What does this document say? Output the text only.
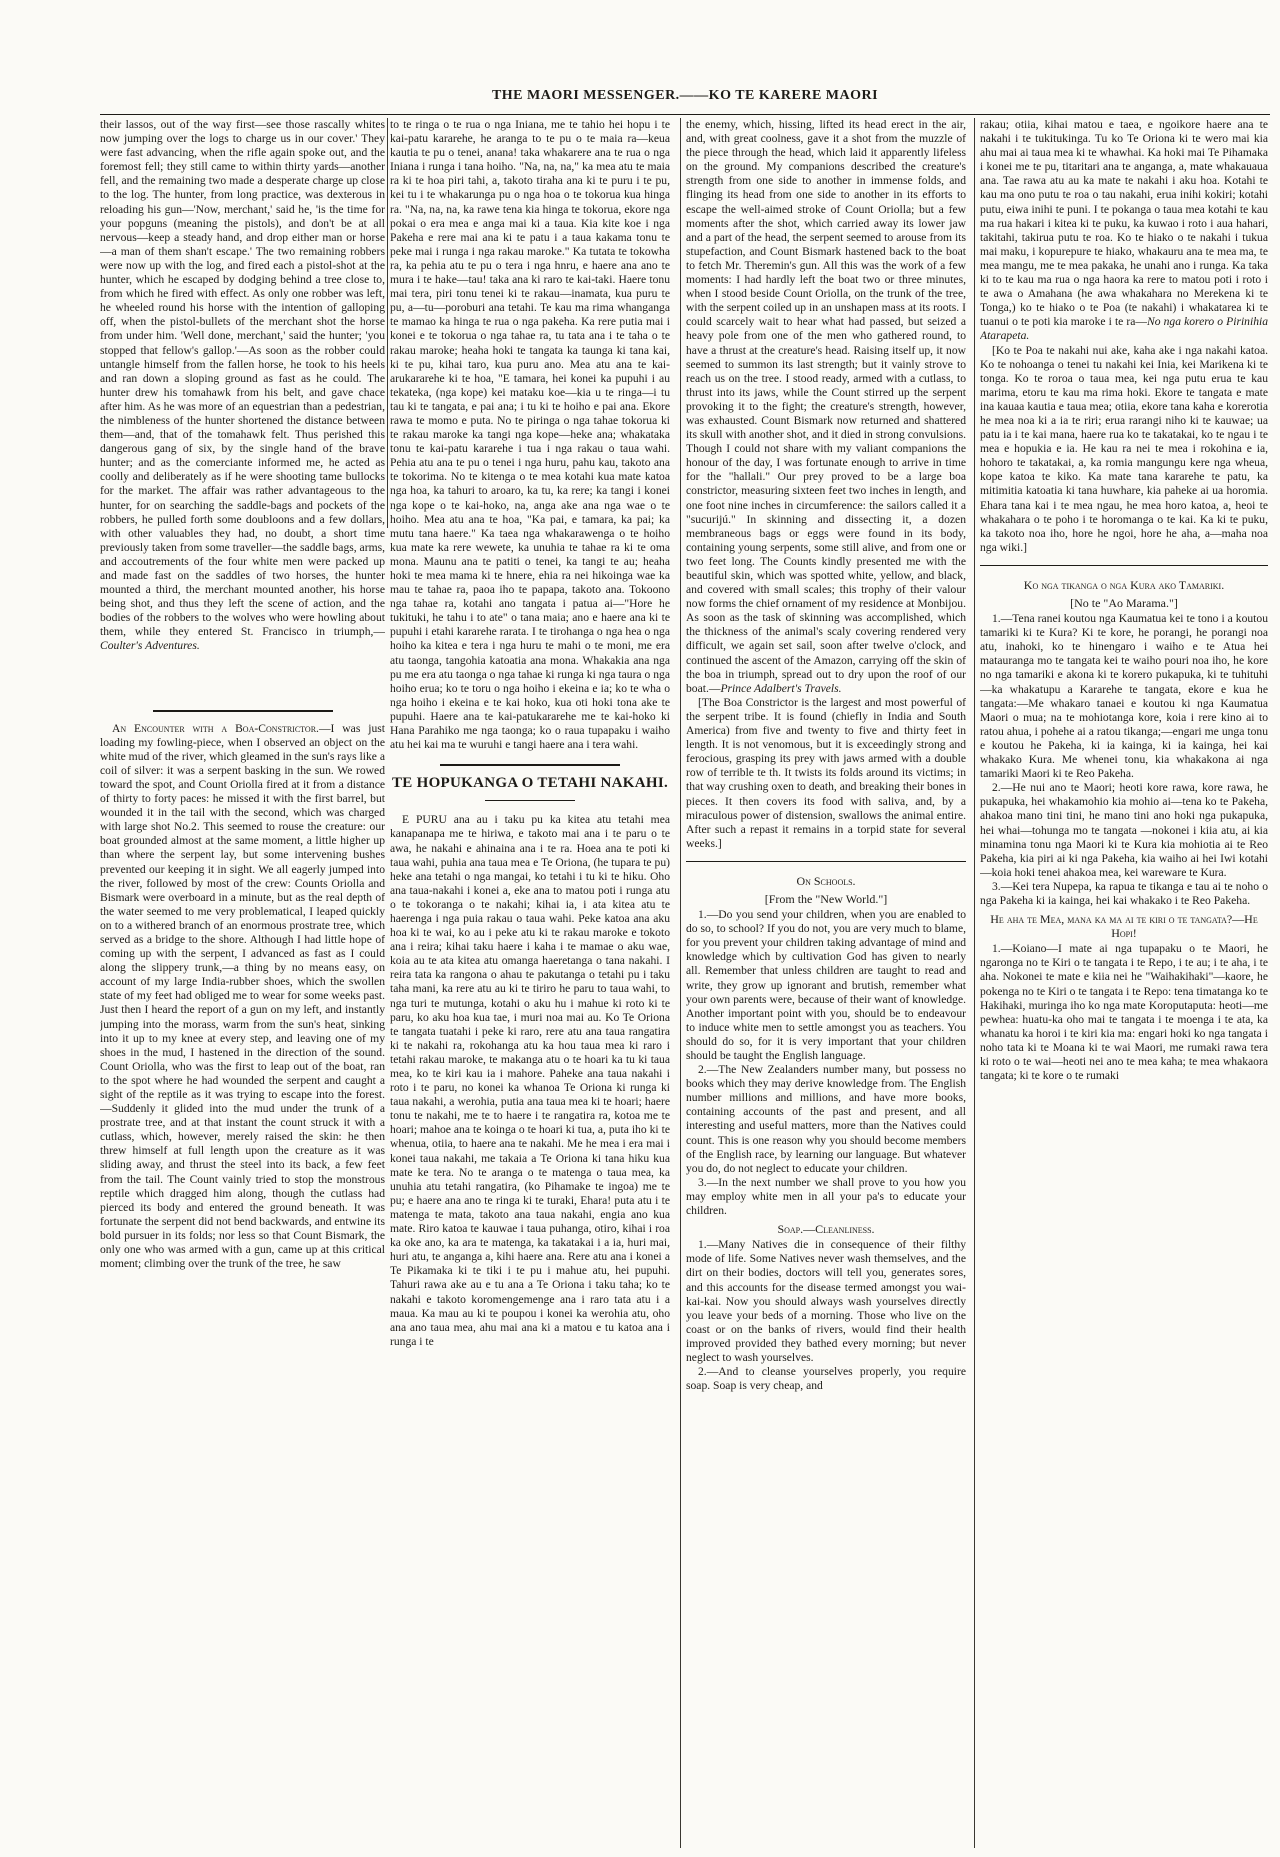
THE MAORI MESSENGER.——KO TE KARERE MAORI

their lassos, out of the way first—see those rascally whites now jumping over the logs to charge us in our cover.' They were fast advancing, when the rifle again spoke out, and the foremost fell; they still came to within thirty yards—another fell, and the remaining two made a desperate charge up close to the log. The hunter, from long practice, was dexterous in reloading his gun—'Now, merchant,' said he, 'is the time for your popguns (meaning the pistols), and don't be at all nervous—keep a steady hand, and drop either man or horse—a man of them shan't escape.' The two remaining robbers were now up with the log, and fired each a pistol-shot at the hunter, which he escaped by dodging behind a tree close to, from which he fired with effect. As only one robber was left, he wheeled round his horse with the intention of galloping off, when the pistol-bullets of the merchant shot the horse from under him. 'Well done, merchant,' said the hunter; 'you stopped that fellow's gallop.'—As soon as the robber could untangle himself from the fallen horse, he took to his heels and ran down a sloping ground as fast as he could. The hunter drew his tomahawk from his belt, and gave chace after him. As he was more of an equestrian than a pedestrian, the nimbleness of the hunter shortened the distance between them—and, that of the tomahawk felt. Thus perished this dangerous gang of six, by the single hand of the brave hunter; and as the comerciante informed me, he acted as coolly and deliberately as if he were shooting tame bullocks for the market. The affair was rather advantageous to the hunter, for on searching the saddle-bags and pockets of the robbers, he pulled forth some doubloons and a few dollars, with other valuables they had, no doubt, a short time previously taken from some traveller—the saddle bags, arms, and accoutrements of the four white men were packed up and made fast on the saddles of two horses, the hunter mounted a third, the merchant mounted another, his horse being shot, and thus they left the scene of action, and the bodies of the robbers to the wolves who were howling about them, while they entered St. Francisco in triumph,—Coulter's Adventures.

An Encounter with a Boa-Constrictor.—I was just loading my fowling-piece, when I observed an object on the white mud of the river, which gleamed in the sun's rays like a coil of silver: it was a serpent basking in the sun. We rowed toward the spot, and Count Oriolla fired at it from a distance of thirty to forty paces: he missed it with the first barrel, but wounded it in the tail with the second, which was charged with large shot No.2. This seemed to rouse the creature: our boat grounded almost at the same moment, a little higher up than where the serpent lay, but some intervening bushes prevented our keeping it in sight. We all eagerly jumped into the river, followed by most of the crew: Counts Oriolla and Bismark were overboard in a minute, but as the real depth of the water seemed to me very problematical, I leaped quickly on to a withered branch of an enormous prostrate tree, which served as a bridge to the shore. Although I had little hope of coming up with the serpent, I advanced as fast as I could along the slippery trunk,—a thing by no means easy, on account of my large India-rubber shoes, which the swollen state of my feet had obliged me to wear for some weeks past. Just then I heard the report of a gun on my left, and instantly jumping into the morass, warm from the sun's heat, sinking into it up to my knee at every step, and leaving one of my shoes in the mud, I hastened in the direction of the sound. Count Oriolla, who was the first to leap out of the boat, ran to the spot where he had wounded the serpent and caught a sight of the reptile as it was trying to escape into the forest.—Suddenly it glided into the mud under the trunk of a prostrate tree, and at that instant the count struck it with a cutlass, which, however, merely raised the skin: he then threw himself at full length upon the creature as it was sliding away, and thrust the steel into its back, a few feet from the tail. The Count vainly tried to stop the monstrous reptile which dragged him along, though the cutlass had pierced its body and entered the ground beneath. It was fortunate the serpent did not bend backwards, and entwine its bold pursuer in its folds; nor less so that Count Bismark, the only one who was armed with a gun, came up at this critical moment; climbing over the trunk of the tree, he saw

to te ringa o te rua o nga Iniana, me te tahio hei hopu i te kai-patu kararehe, he aranga to te pu o te maia ra—keua kautia te pu o tenei, anana! taka whakarere ana te rua o nga Iniana i runga i tana hoiho. "Na, na, na," ka mea atu te maia ra ki te hoa piri tahi, a, takoto tiraha ana ki te puru i te pu, kei tu i te whakarunga pu o nga hoa o te tokorua kua hinga ra. "Na, na, na, ka rawe tena kia hinga te tokorua, ekore nga pokai o era mea e anga mai ki a taua. Kia kite koe i nga Pakeha e rere mai ana ki te patu i a taua kakama tonu te peke mai i runga i nga rakau maroke." Ka tutata te tokowha ra, ka pehia atu te pu o tera i nga hnru, e haere ana ano te mura i te hake—tau! taka ana ki raro te kai-taki. Haere tonu mai tera, piri tonu tenei ki te rakau—inamata, kua puru te pu, a—tu—poroburi ana tetahi. Te kau ma rima whanganga te mamao ka hinga te rua o nga pakeha. Ka rere putia mai i konei e te tokorua o nga tahae ra, tu tata ana i te taha o te rakau maroke; heaha hoki te tangata ka taunga ki tana kai, ki te pu, kihai taro, kua puru ano. Mea atu ana te kai-arukararehe ki te hoa, "E tamara, hei konei ka pupuhi i au tekateka, (nga kope) kei mataku koe—kia u te ringa—i tu tau ki te tangata, e pai ana; i tu ki te hoiho e pai ana. Ekore rawa te momo e puta. No te piringa o nga tahae tokorua ki te rakau maroke ka tangi nga kope—heke ana; whakataka tonu te kai-patu kararehe i tua i nga rakau o taua wahi. Pehia atu ana te pu o tenei i nga huru, pahu kau, takoto ana te tokorima. No te kitenga o te mea kotahi kua mate katoa nga hoa, ka tahuri to aroaro, ka tu, ka rere; ka tangi i konei nga kope o te kai-hoko, na, anga ake ana nga wae o te hoiho. Mea atu ana te hoa, "Ka pai, e tamara, ka pai; ka mutu tana haere." Ka taea nga whakarawenga o te hoiho kua mate ka rere wewete, ka unuhia te tahae ra ki te oma mona. Maunu ana te patiti o tenei, ka tangi te au; heaha hoki te mea mama ki te hnere, ehia ra nei hikoinga wae ka mau te tahae ra, paoa iho te papapa, takoto ana. Tokoono nga tahae ra, kotahi ano tangata i patua ai—"Hore he tukituki, he tahu i to ate" o tana maia; ano e haere ana ki te pupuhi i etahi kararehe rarata. I te tirohanga o nga hea o nga hoiho ka kitea e tera i nga huru te mahi o te moni, me era atu taonga, tangohia katoatia ana mona. Whakakia ana nga pu me era atu taonga o nga tahae ki runga ki nga taura o nga hoiho erua; ko te toru o nga hoiho i ekeina e ia; ko te wha o nga hoiho i ekeina e te kai hoko, kua oti hoki tona ake te pupuhi. Haere ana te kai-patukararehe me te kai-hoko ki Hana Parahiko me nga taonga; ko o raua tupapaku i waiho atu hei kai ma te wuruhi e tangi haere ana i tera wahi.

TE HOPUKANGA O TETAHI NAKAHI.

E PURU ana au i taku pu ka kitea atu tetahi mea kanapanapa me te hiriwa, e takoto mai ana i te paru o te awa, he nakahi e ahinaina ana i te ra. Hoea ana te poti ki taua wahi, puhia ana taua mea e Te Oriona, (he tupara te pu) heke ana tetahi o nga mangai, ko tetahi i tu ki te hiku. Oho ana taua-nakahi i konei a, eke ana to matou poti i runga atu o te tokoranga o te nakahi; kihai ia, i ata kitea atu te haerenga i nga puia rakau o taua wahi. Peke katoa ana aku hoa ki te wai, ko au i peke atu ki te rakau maroke e tokoto ana i reira; kihai taku haere i kaha i te mamae o aku wae, koia au te ata kitea atu omanga haeretanga o tana nakahi. I reira tata ka rangona o ahau te pakutanga o tetahi pu i taku taha mani, ka rere atu au ki te tiriro he paru to taua wahi, to nga turi te mutunga, kotahi o aku hu i mahue ki roto ki te paru, ko aku hoa kua tae, i muri noa mai au. Ko Te Oriona te tangata tuatahi i peke ki raro, rere atu ana taua rangatira ki te nakahi ra, rokohanga atu ka hou taua mea ki raro i tetahi rakau maroke, te makanga atu o te hoari ka tu ki taua mea, ko te kiri kau ia i mahore. Paheke ana taua nakahi i roto i te paru, no konei ka whanoa Te Oriona ki runga ki taua nakahi, a werohia, putia ana taua mea ki te hoari; haere tonu te nakahi, me te to haere i te rangatira ra, kotoa me te hoari; mahoe ana te koinga o te hoari ki tua, a, puta iho ki te whenua, otiia, to haere ana te nakahi. Me he mea i era mai i konei taua nakahi, me takaia a Te Oriona ki tana hiku kua mate ke tera. No te aranga o te matenga o taua mea, ka unuhia atu tetahi rangatira, (ko Pihamake te ingoa) me te pu; e haere ana ano te ringa ki te turaki, Ehara! puta atu i te matenga te mata, takoto ana taua nakahi, engia ano kua mate. Riro katoa te kauwae i taua puhanga, otiro, kihai i roa ka oke ano, ka ara te matenga, ka takatakai i a ia, huri mai, huri atu, te anganga a, kihi haere ana. Rere atu ana i konei a Te Pikamaka ki te tiki i te pu i mahue atu, hei pupuhi. Tahuri rawa ake au e tu ana a Te Oriona i taku taha; ko te nakahi e takoto koromengemenge ana i raro tata atu i a maua. Ka mau au ki te poupou i konei ka werohia atu, oho ana ano taua mea, ahu mai ana ki a matou e tu katoa ana i runga i te

the enemy, which, hissing, lifted its head erect in the air, and, with great coolness, gave it a shot from the muzzle of the piece through the head, which laid it apparently lifeless on the ground. My companions described the creature's strength from one side to another in immense folds, and flinging its head from one side to another in its efforts to escape the well-aimed stroke of Count Oriolla; but a few moments after the shot, which carried away its lower jaw and a part of the head, the serpent seemed to arouse from its stupefaction, and Count Bismark hastened back to the boat to fetch Mr. Theremin's gun. All this was the work of a few moments: I had hardly left the boat two or three minutes, when I stood beside Count Oriolla, on the trunk of the tree, with the serpent coiled up in an unshapen mass at its roots. I could scarcely wait to hear what had passed, but seized a heavy pole from one of the men who gathered round, to have a thrust at the creature's head. Raising itself up, it now seemed to summon its last strength; but it vainly strove to reach us on the tree. I stood ready, armed with a cutlass, to thrust into its jaws, while the Count stirred up the serpent provoking it to the fight; the creature's strength, however, was exhausted. Count Bismark now returned and shattered its skull with another shot, and it died in strong convulsions. Though I could not share with my valiant companions the honour of the day, I was fortunate enough to arrive in time for the "hallali." Our prey proved to be a large boa constrictor, measuring sixteen feet two inches in length, and one foot nine inches in circumference: the sailors called it a "sucurijú." In skinning and dissecting it, a dozen membraneous bags or eggs were found in its body, containing young serpents, some still alive, and from one or two feet long. The Counts kindly presented me with the beautiful skin, which was spotted white, yellow, and black, and covered with small scales; this trophy of their valour now forms the chief ornament of my residence at Monbijou. As soon as the task of skinning was accomplished, which the thickness of the animal's scaly covering rendered very difficult, we again set sail, soon after twelve o'clock, and continued the ascent of the Amazon, carrying off the skin of the boa in triumph, spread out to dry upon the roof of our boat.—Prince Adalbert's Travels.

[The Boa Constrictor is the largest and most powerful of the serpent tribe. It is found (chiefly in India and South America) from five and twenty to five and thirty feet in length. It is not venomous, but it is exceedingly strong and ferocious, grasping its prey with jaws armed with a double row of terrible te th. It twists its folds around its victims; in that way crushing oxen to death, and breaking their bones in pieces. It then covers its food with saliva, and, by a miraculous power of distension, swallows the animal entire. After such a repast it remains in a torpid state for several weeks.]

On Schools.
[From the "New World."]

1.—Do you send your children, when you are enabled to do so, to school? If you do not, you are very much to blame, for you prevent your children taking advantage of mind and knowledge which by cultivation God has given to nearly all. Remember that unless children are taught to read and write, they grow up ignorant and brutish, remember what your own parents were, because of their want of knowledge. Another important point with you, should be to endeavour to induce white men to settle amongst you as teachers. You should do so, for it is very important that your children should be taught the English language.

2.—The New Zealanders number many, but possess no books which they may derive knowledge from. The English number millions and millions, and have more books, containing accounts of the past and present, and all interesting and useful matters, more than the Natives could count. This is one reason why you should become members of the English race, by learning our language. But whatever you do, do not neglect to educate your children.

3.—In the next number we shall prove to you how you may employ white men in all your pa's to educate your children.

Soap.—Cleanliness.

1.—Many Natives die in consequence of their filthy mode of life. Some Natives never wash themselves, and the dirt on their bodies, doctors will tell you, generates sores, and this accounts for the disease termed amongst you wai-kai-kai. Now you should always wash yourselves directly you leave your beds of a morning. Those who live on the coast or on the banks of rivers, would find their health improved provided they bathed every morning; but never neglect to wash yourselves.

2.—And to cleanse yourselves properly, you require soap. Soap is very cheap, and

rakau; otiia, kihai matou e taea, e ngoikore haere ana te nakahi i te tukitukinga. Tu ko Te Oriona ki te wero mai kia ahu mai ai taua mea ki te whawhai. Ka hoki mai Te Pihamaka i konei me te pu, titaritari ana te anganga, a, mate whakauaua ana. Tae rawa atu au ka mate te nakahi i aku hoa. Kotahi te kau ma ono putu te roa o tau nakahi, erua inihi kokiri; kotahi putu, eiwa inihi te puni. I te pokanga o taua mea kotahi te kau ma rua hakari i kitea ki te puku, ka kuwao i roto i aua hahari, takitahi, takirua putu te roa. Ko te hiako o te nakahi i tukua mai maku, i kopurepure te hiako, whakauru ana te mea ma, te mea mangu, me te mea pakaka, he unahi ano i runga. Ka taka ki to te kau ma rua o nga haora ka rere to matou poti i roto i te awa o Amahana (he awa whakahara no Merekena ki te Tonga,) ko te hiako o te Poa (te nakahi) i whakatarea ki te tuanui o te poti kia maroke i te ra—No nga korero o Pirinihia Atarapeta.

[Ko te Poa te nakahi nui ake, kaha ake i nga nakahi katoa. Ko te nohoanga o tenei tu nakahi kei Inia, kei Marikena ki te tonga. Ko te roroa o taua mea, kei nga putu erua te kau marima, etoru te kau ma rima hoki. Ekore te tangata e mate ina kauaa kautia e taua mea; otiia, ekore tana kaha e korerotia he mea noa ki a ia te riri; erua rarangi niho ki te kauwae; ua patu ia i te kai mana, haere rua ko te takatakai, ko te ngau i te mea e hopukia e ia. He kau ra nei te mea i rokohina e ia, hohoro te takatakai, a, ka romia mangungu kere nga wheua, kope katoa te kiko. Ka mate tana kararehe te patu, ka mitimitia katoatia ki tana huwhare, kia paheke ai ua horomia. Ehara tana kai i te mea ngau, he mea horo katoa, a, heoi te whakahara o te poho i te horomanga o te kai. Ka ki te puku, ka takoto noa iho, hore he ngoi, hore he aha, a—maha noa nga wiki.]

Ko nga tikanga o nga Kura ako Tamariki.
[No te "Ao Marama."]

1.—Tena ranei koutou nga Kaumatua kei te tono i a koutou tamariki ki te Kura? Ki te kore, he porangi, he porangi noa atu, inahoki, ko te hinengaro i waiho e te Atua hei matauranga mo te tangata kei te waiho pouri noa iho, he kore no nga tamariki e akona ki te korero pukapuka, ki te tuhituhi —ka whakatupu a Kararehe te tangata, ekore e kua he tangata:—Me whakaro tanaei e koutou ki nga Kaumatua Maori o mua; na te mohiotanga kore, koia i rere kino ai to ratou ahua, i pohehe ai a ratou tikanga;—engari me unga tonu e koutou he Pakeha, ki ia kainga, ki ia kainga, hei kai whakako Kura. Me whenei tonu, kia whakakona ai nga tamariki Maori ki te Reo Pakeha.

2.—He nui ano te Maori; heoti kore rawa, kore rawa, he pukapuka, hei whakamohio kia mohio ai—tena ko te Pakeha, ahakoa mano tini tini, he mano tini ano hoki nga pukapuka, hei whai—tohunga mo te tangata —nokonei i kiia atu, ai kia minamina tonu nga Maori ki te Kura kia mohiotia ai te Reo Pakeha, kia piri ai ki nga Pakeha, kia waiho ai hei Iwi kotahi—koia hoki tenei ahakoa mea, kei wareware te Kura.

3.—Kei tera Nupepa, ka rapua te tikanga e tau ai te noho o nga Pakeha ki ia kainga, hei kai whakako i te Reo Pakeha.

He aha te Mea, mana ka ma ai te kiri o te tangata?—He Hopi!

1.—Koiano—I mate ai nga tupapaku o te Maori, he ngaronga no te Kiri o te tangata i te Repo, i te au; i te aha, i te aha. Nokonei te mate e kiia nei he "Waihakihaki"—kaore, he pokenga no te Kiri o te tangata i te Repo: tena timatanga ko te Hakihaki, muringa iho ko nga mate Koroputaputa: heoti—me pewhea: huatu-ka oho mai te tangata i te moenga i te ata, ka whanatu ka horoi i te kiri kia ma: engari hoki ko nga tangata i noho tata ki te Moana ki te wai Maori, me rumaki rawa tera ki roto o te wai—heoti nei ano te mea kaha; te mea whakaora tangata; ki te kore o te rumaki
